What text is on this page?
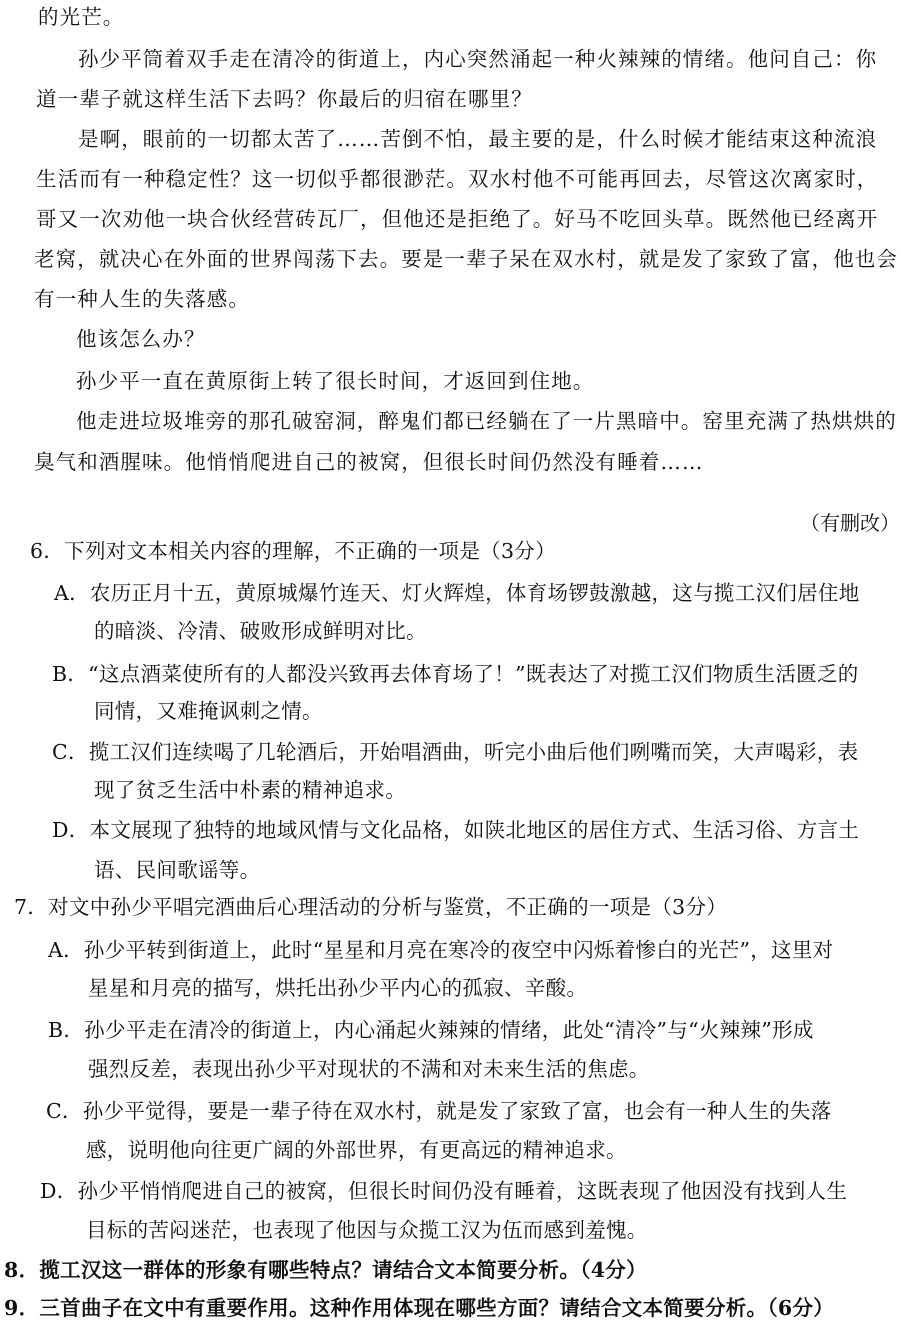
的光芒。
孙少平筒着双手走在清冷的街道上，内心突然涌起一种火辣辣的情绪。他问自己：你
道一辈子就这样生活下去吗？你最后的归宿在哪里？
是啊，眼前的一切都太苦了……苦倒不怕，最主要的是，什么时候才能结束这种流浪
生活而有一种稳定性？这一切似乎都很渺茫。双水村他不可能再回去，尽管这次离家时，
哥又一次劝他一块合伙经营砖瓦厂，但他还是拒绝了。好马不吃回头草。既然他已经离开
老窝，就决心在外面的世界闯荡下去。要是一辈子呆在双水村，就是发了家致了富，他也会
有一种人生的失落感。
他该怎么办？
孙少平一直在黄原街上转了很长时间，才返回到住地。
他走进垃圾堆旁的那孔破窑洞，醉鬼们都已经躺在了一片黑暗中。窑里充满了热烘烘的
臭气和酒腥味。他悄悄爬进自己的被窝，但很长时间仍然没有睡着……
（有删改）
6．下列对文本相关内容的理解，不正确的一项是（3分）
A．农历正月十五，黄原城爆竹连天、灯火辉煌，体育场锣鼓激越，这与揽工汉们居住地
的暗淡、冷清、破败形成鲜明对比。
B．“这点酒菜使所有的人都没兴致再去体育场了！”既表达了对揽工汉们物质生活匮乏的
同情，又难掩讽刺之情。
C．揽工汉们连续喝了几轮酒后，开始唱酒曲，听完小曲后他们咧嘴而笑，大声喝彩，表
现了贫乏生活中朴素的精神追求。
D．本文展现了独特的地域风情与文化品格，如陕北地区的居住方式、生活习俗、方言土
语、民间歌谣等。
7．对文中孙少平唱完酒曲后心理活动的分析与鉴赏，不正确的一项是（3分）
A．孙少平转到街道上，此时“星星和月亮在寒冷的夜空中闪烁着惨白的光芒”，这里对
星星和月亮的描写，烘托出孙少平内心的孤寂、辛酸。
B．孙少平走在清冷的街道上，内心涌起火辣辣的情绪，此处“清冷”与“火辣辣”形成
强烈反差，表现出孙少平对现状的不满和对未来生活的焦虑。
C．孙少平觉得，要是一辈子待在双水村，就是发了家致了富，也会有一种人生的失落
感，说明他向往更广阔的外部世界，有更高远的精神追求。
D．孙少平悄悄爬进自己的被窝，但很长时间仍没有睡着，这既表现了他因没有找到人生
目标的苦闷迷茫，也表现了他因与众揽工汉为伍而感到羞愧。
8．揽工汉这一群体的形象有哪些特点？请结合文本简要分析。（4分）
9．三首曲子在文中有重要作用。这种作用体现在哪些方面？请结合文本简要分析。（6分）
